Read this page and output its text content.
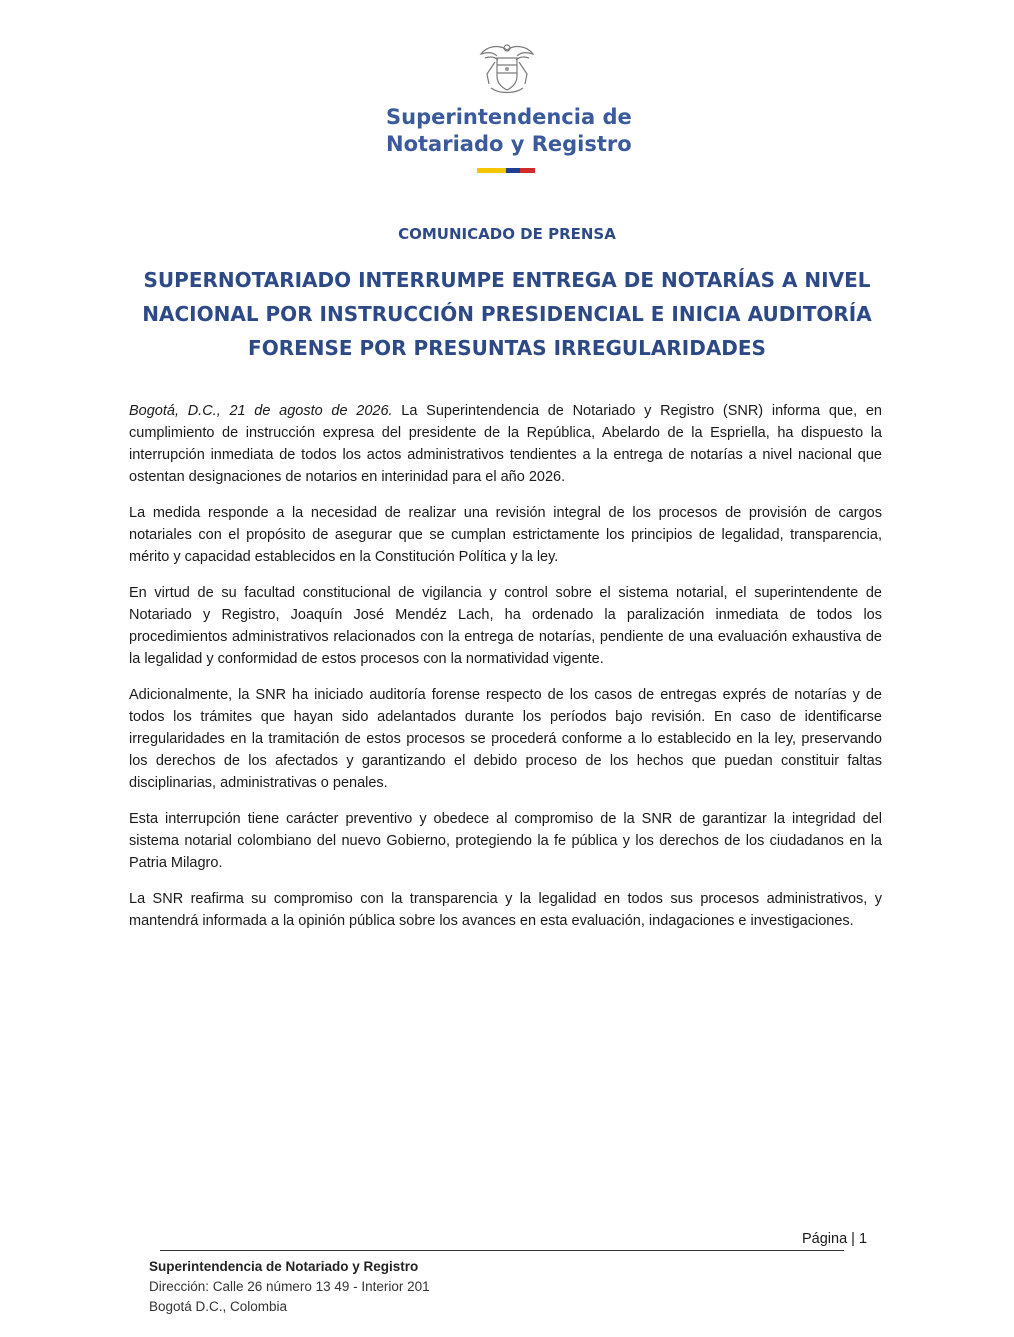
Superintendencia de
Notariado y Registro
COMUNICADO DE PRENSA
SUPERNOTARIADO INTERRUMPE ENTREGA DE NOTARÍAS A NIVEL
NACIONAL POR INSTRUCCIÓN PRESIDENCIAL E INICIA AUDITORÍA
FORENSE POR PRESUNTAS IRREGULARIDADES

Bogotá, D.C., 21 de agosto de 2026. La Superintendencia de Notariado y Registro (SNR) informa que, en cumplimiento de instrucción expresa del presidente de la República, Abelardo de la Espriella, ha dispuesto la interrupción inmediata de todos los actos administrativos tendientes a la entrega de notarías a nivel nacional que ostentan designaciones de notarios en interinidad para el año 2026.

La medida responde a la necesidad de realizar una revisión integral de los procesos de provisión de cargos notariales con el propósito de asegurar que se cumplan estrictamente los principios de legalidad, transparencia, mérito y capacidad establecidos en la Constitución Política y la ley.

En virtud de su facultad constitucional de vigilancia y control sobre el sistema notarial, el superintendente de Notariado y Registro, Joaquín José Mendéz Lach, ha ordenado la paralización inmediata de todos los procedimientos administrativos relacionados con la entrega de notarías, pendiente de una evaluación exhaustiva de la legalidad y conformidad de estos procesos con la normatividad vigente.

Adicionalmente, la SNR ha iniciado auditoría forense respecto de los casos de entregas exprés de notarías y de todos los trámites que hayan sido adelantados durante los períodos bajo revisión. En caso de identificarse irregularidades en la tramitación de estos procesos se procederá conforme a lo establecido en la ley, preservando los derechos de los afectados y garantizando el debido proceso de los hechos que puedan constituir faltas disciplinarias, administrativas o penales.

Esta interrupción tiene carácter preventivo y obedece al compromiso de la SNR de garantizar la integridad del sistema notarial colombiano del nuevo Gobierno, protegiendo la fe pública y los derechos de los ciudadanos en la Patria Milagro.

La SNR reafirma su compromiso con la transparencia y la legalidad en todos sus procesos administrativos, y mantendrá informada a la opinión pública sobre los avances en esta evaluación, indagaciones e investigaciones.

Página | 1
Superintendencia de Notariado y Registro
Dirección: Calle 26 número 13 49 - Interior 201
Bogotá D.C., Colombia
